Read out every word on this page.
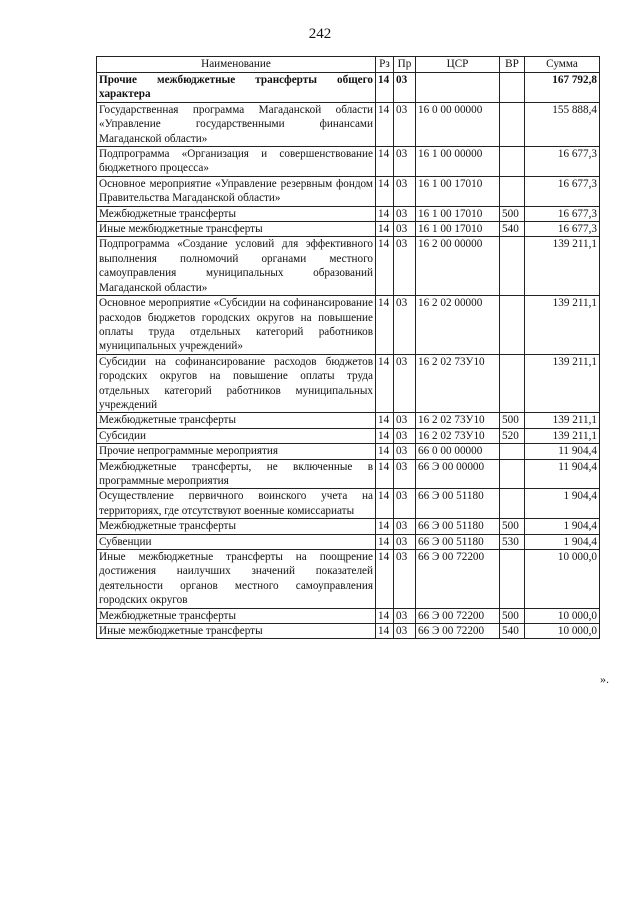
242
Наименование	Рз	Пр	ЦСР	ВР	Сумма
Прочие межбюджетные трансферты общего характера	14	03			167 792,8
Государственная программа Магаданской области «Управление государственными финансами Магаданской области»	14	03	16 0 00 00000		155 888,4
Подпрограмма «Организация и совершенствование бюджетного процесса»	14	03	16 1 00 00000		16 677,3
Основное мероприятие «Управление резервным фондом Правительства Магаданской области»	14	03	16 1 00 17010		16 677,3
Межбюджетные трансферты	14	03	16 1 00 17010	500	16 677,3
Иные межбюджетные трансферты	14	03	16 1 00 17010	540	16 677,3
Подпрограмма «Создание условий для эффективного выполнения полномочий органами местного самоуправления муниципальных образований Магаданской области»	14	03	16 2 00 00000		139 211,1
Основное мероприятие «Субсидии на софинансирование расходов бюджетов городских округов на повышение оплаты труда отдельных категорий работников муниципальных учреждений»	14	03	16 2 02 00000		139 211,1
Субсидии на софинансирование расходов бюджетов городских округов на повышение оплаты труда отдельных категорий работников муниципальных учреждений	14	03	16 2 02 73У10		139 211,1
Межбюджетные трансферты	14	03	16 2 02 73У10	500	139 211,1
Субсидии	14	03	16 2 02 73У10	520	139 211,1
Прочие непрограммные мероприятия	14	03	66 0 00 00000		11 904,4
Межбюджетные трансферты, не включенные в программные мероприятия	14	03	66 Э 00 00000		11 904,4
Осуществление первичного воинского учета на территориях, где отсутствуют военные комиссариаты	14	03	66 Э 00 51180		1 904,4
Межбюджетные трансферты	14	03	66 Э 00 51180	500	1 904,4
Субвенции	14	03	66 Э 00 51180	530	1 904,4
Иные межбюджетные трансферты на поощрение достижения наилучших значений показателей деятельности органов местного самоуправления городских округов	14	03	66 Э 00 72200		10 000,0
Межбюджетные трансферты	14	03	66 Э 00 72200	500	10 000,0
Иные межбюджетные трансферты	14	03	66 Э 00 72200	540	10 000,0
».
